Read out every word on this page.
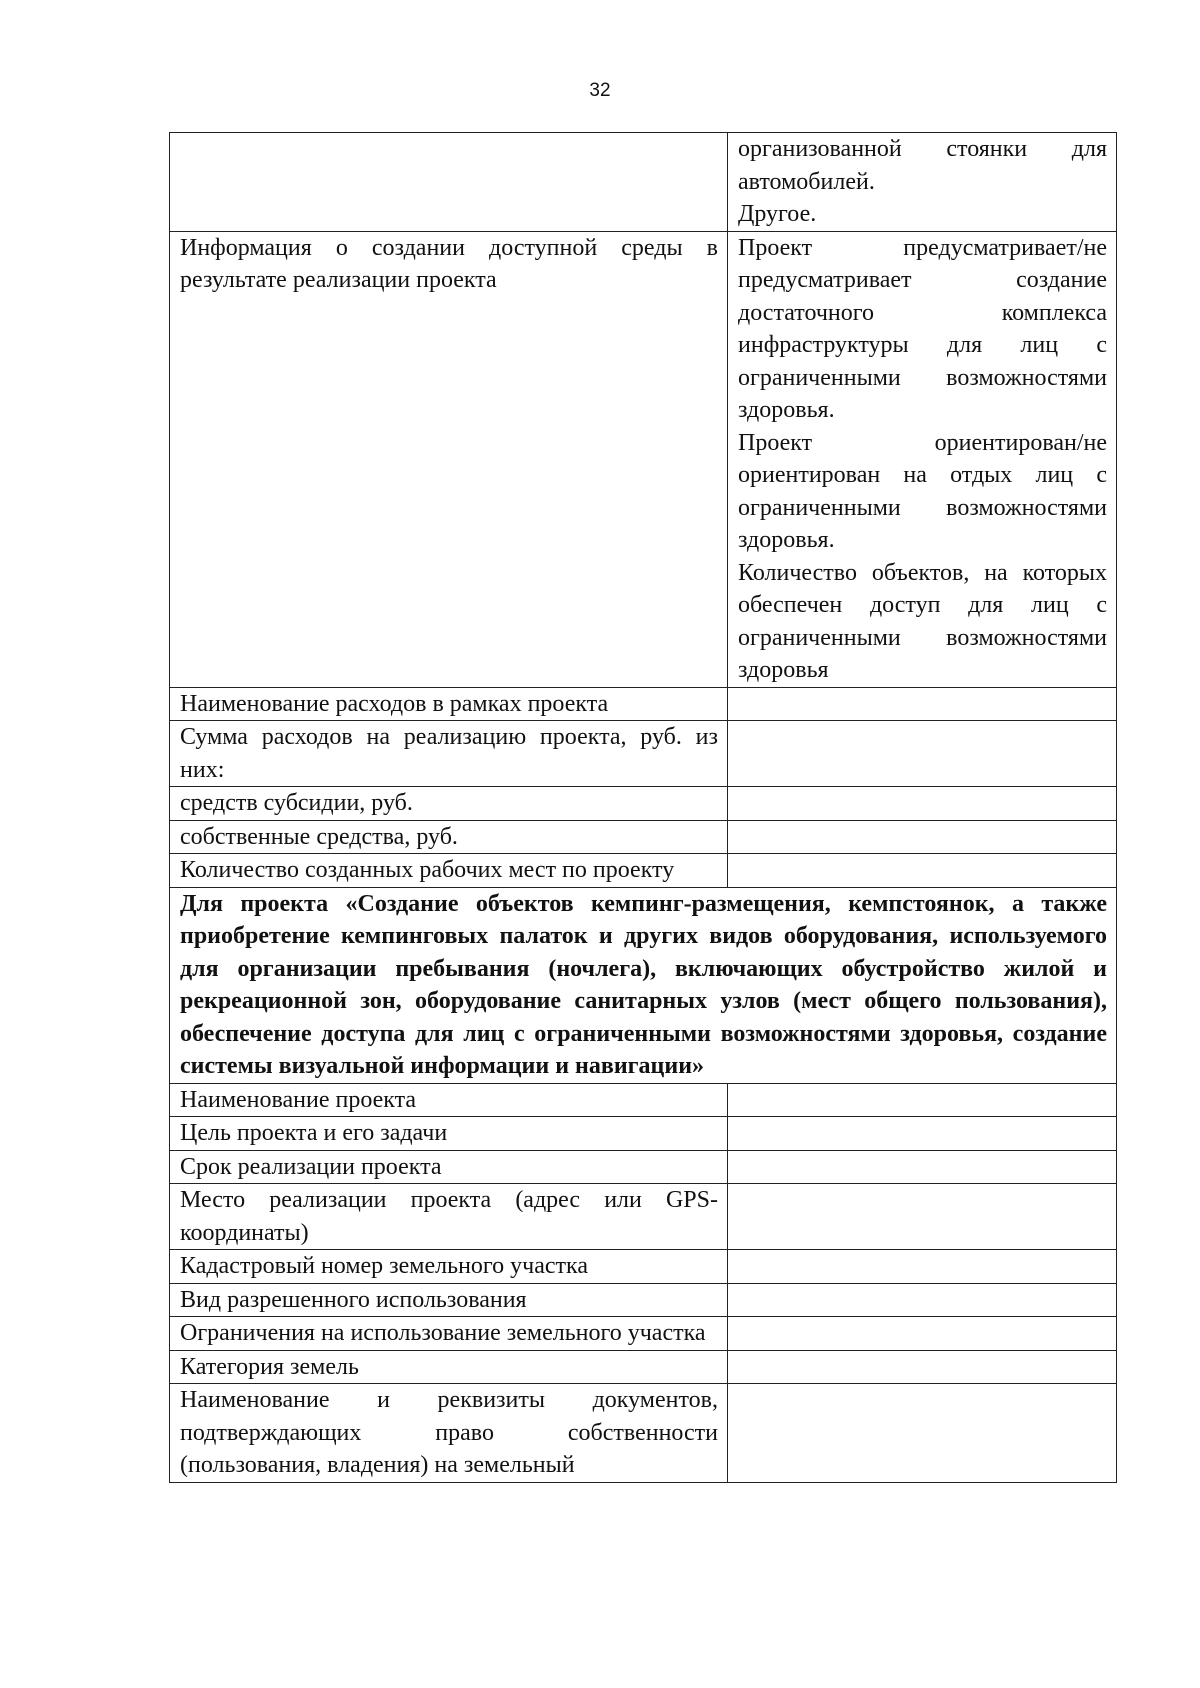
32

	организованной стоянки для автомобилей.
Другое.

Информация о создании доступной среды в результате реализации проекта	Проект предусматривает/не предусматривает создание достаточного комплекса инфраструктуры для лиц с ограниченными возможностями здоровья.
Проект ориентирован/не ориентирован на отдых лиц с ограниченными возможностями здоровья.
Количество объектов, на которых обеспечен доступ для лиц с ограниченными возможностями здоровья

Наименование расходов в рамках проекта	
Сумма расходов на реализацию проекта, руб. из них:	
средств субсидии, руб.	
собственные средства, руб.	
Количество созданных рабочих мест по проекту	
Для проекта «Создание объектов кемпинг-размещения, кемпстоянок, а также приобретение кемпинговых палаток и других видов оборудования, используемого для организации пребывания (ночлега), включающих обустройство жилой и рекреационной зон, оборудование санитарных узлов (мест общего пользования), обеспечение доступа для лиц с ограниченными возможностями здоровья, создание системы визуальной информации и навигации»	
Наименование проекта	
Цель проекта и его задачи	
Срок реализации проекта	
Место реализации проекта (адрес или GPS-координаты)	
Кадастровый номер земельного участка	
Вид разрешенного использования	
Ограничения на использование земельного участка	
Категория земель	
Наименование и реквизиты документов, подтверждающих право собственности (пользования, владения) на земельный	
